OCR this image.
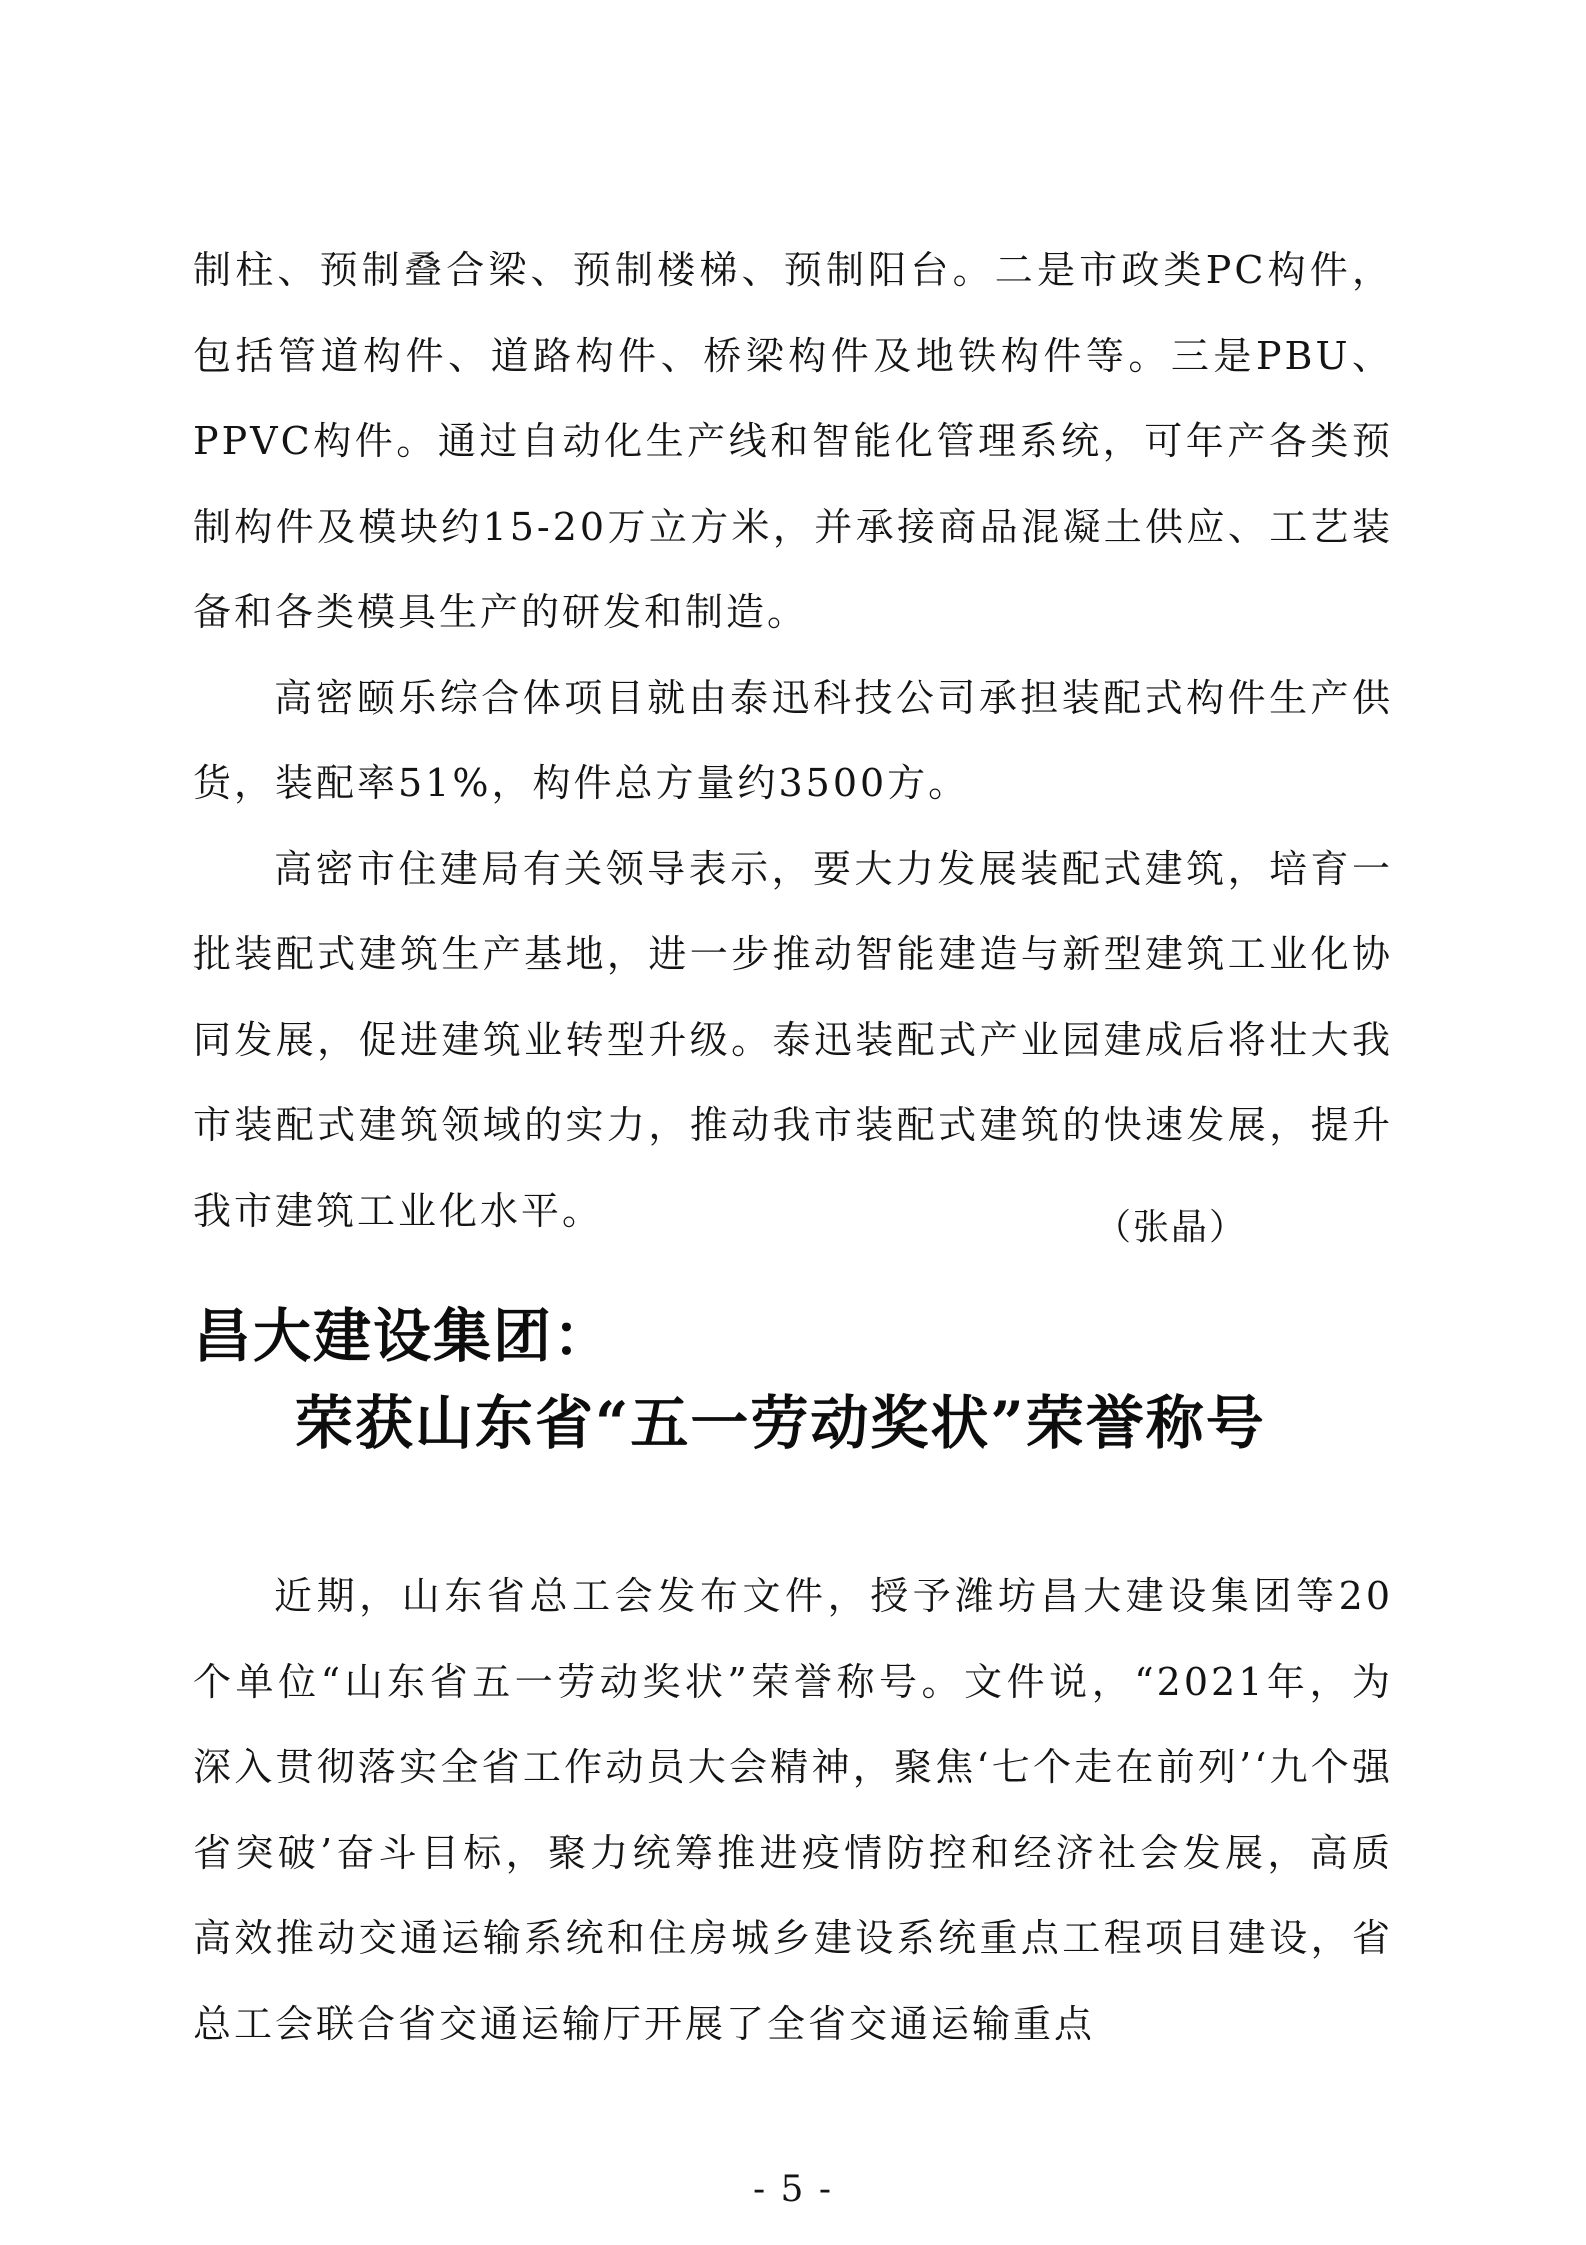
制柱、预制叠合梁、预制楼梯、预制阳台。二是市政类PC构件，包括管道构件、道路构件、桥梁构件及地铁构件等。三是PBU、PPVC构件。通过自动化生产线和智能化管理系统，可年产各类预制构件及模块约15-20万立方米，并承接商品混凝土供应、工艺装备和各类模具生产的研发和制造。

高密颐乐综合体项目就由泰迅科技公司承担装配式构件生产供货，装配率51%，构件总方量约3500方。

高密市住建局有关领导表示，要大力发展装配式建筑，培育一批装配式建筑生产基地，进一步推动智能建造与新型建筑工业化协同发展，促进建筑业转型升级。泰迅装配式产业园建成后将壮大我市装配式建筑领域的实力，推动我市装配式建筑的快速发展，提升我市建筑工业化水平。	（张晶）
昌大建设集团：
荣获山东省“五一劳动奖状”荣誉称号

近期，山东省总工会发布文件，授予潍坊昌大建设集团等20个单位“山东省五一劳动奖状”荣誉称号。文件说，“2021年，为深入贯彻落实全省工作动员大会精神，聚焦‘七个走在前列’‘九个强省突破’奋斗目标，聚力统筹推进疫情防控和经济社会发展，高质高效推动交通运输系统和住房城乡建设系统重点工程项目建设，省总工会联合省交通运输厅开展了全省交通运输重点

- 5 -
